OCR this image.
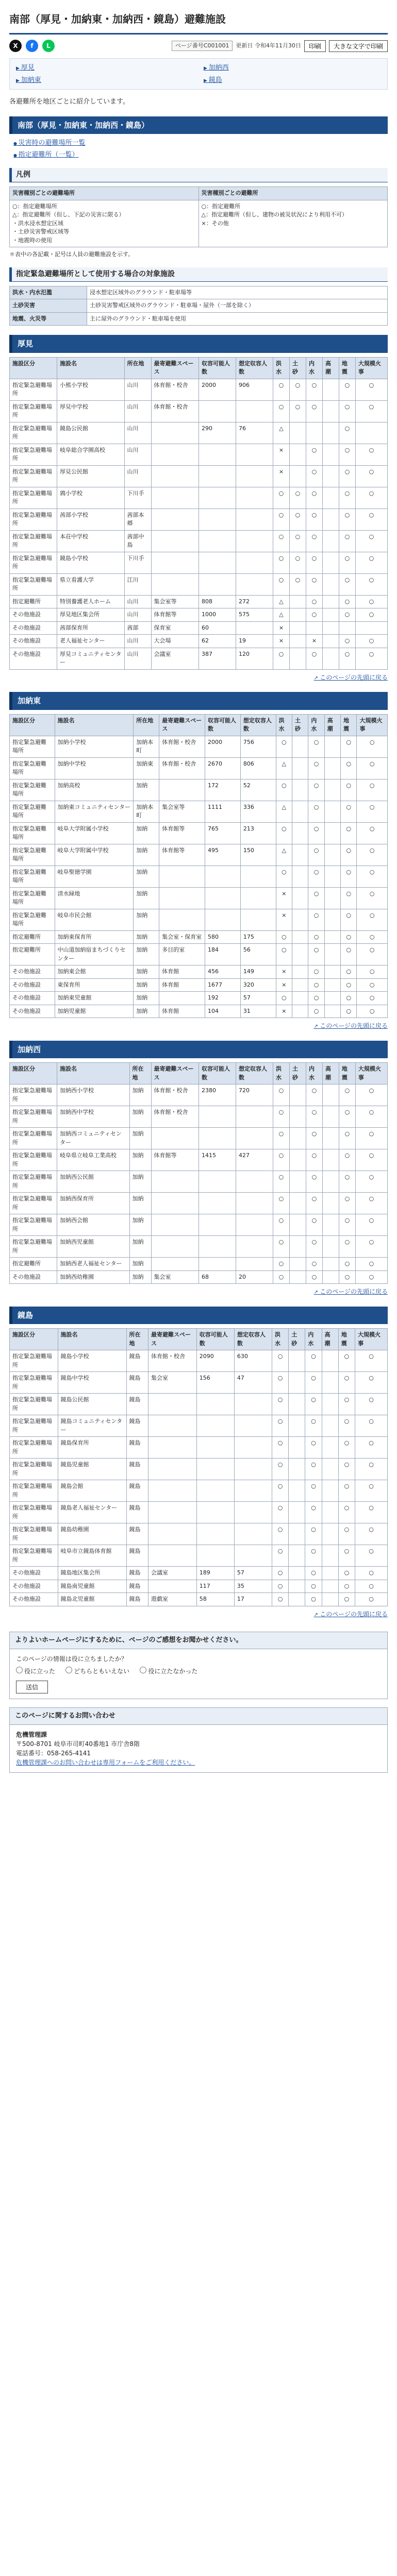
南部（厚見・加納東・加納西・鏡島）避難施設
X	f	L	ページ番号C001001	更新日 令和4年11月30日	印刷	大きな文字で印刷
▶ 厚見	▶ 加納西
▶ 加納東	▶ 鏡島

各避難所を地区ごとに紹介しています。

南部（厚見・加納東・加納西・鏡島）
● 災害時の避難場所一覧
● 指定避難所（一覧）
凡例
災害種別ごとの避難場所	災害種別ごとの避難所
○：指定避難場所
△：指定避難所（但し、下記の災害に限る）
・洪水浸水想定区域
・土砂災害警戒区域等
・地震時の使用	○：指定避難所
△：指定避難所（但し、建物の被災状況により利用不可）
×：その他

＊表中の各記載・記号は人員の避難施設を示す。

指定緊急避難場所として使用する場合の対象施設
洪水・内水氾濫	浸水想定区域外のグラウンド・駐車場等
土砂災害	土砂災害警戒区域外のグラウンド・駐車場・屋外（一部を除く）
地震、火災等	主に屋外のグラウンド・駐車場を使用
厚見
施設区分	施設名	所在地	最寄避難スペース	収容可能人数	想定収容人数	洪水	土砂	内水	高潮	地震	大規模火事
指定緊急避難場所	小熊小学校	山川	体育館・校舎	2000	906	○	○	○		○	○
指定緊急避難場所	厚見中学校	山川	体育館・校舎			○	○	○		○	○
指定緊急避難場所	鏡島公民館	山川		290	76	△				○	
指定緊急避難場所	岐阜総合学園高校	山川				×		○		○	○
指定緊急避難場所	厚見公民館	山川				×		○		○	○
指定緊急避難場所	鶉小学校	下川手				○	○	○		○	○
指定緊急避難場所	茜部小学校	茜部本郷				○	○	○		○	○
指定緊急避難場所	本荘中学校	茜部中島				○	○	○		○	○
指定緊急避難場所	鏡島小学校	下川手				○	○	○		○	○
指定緊急避難場所	県立看護大学	江川				○	○	○		○	○
指定避難所	特別養護老人ホーム	山川	集会室等	808	272	△		○		○	○
その他施設	厚見地区集会所	山川	体育館等	1000	575	△		○		○	○
その他施設	茜部保育所	茜部	保育室	60		×					
その他施設	老人福祉センター	山川	大会場	62	19	×		×		○	○
その他施設	厚見コミュニティセンター	山川	会議室	387	120	○		○		○	○
↗ このページの先頭に戻る
加納東
施設区分	施設名	所在地	最寄避難スペース	収容可能人数	想定収容人数	洪水	土砂	内水	高潮	地震	大規模火事
指定緊急避難場所	加納小学校	加納本町	体育館・校舎	2000	756	○		○		○	○
指定緊急避難場所	加納中学校	加納東	体育館・校舎	2670	806	△		○		○	○
指定緊急避難場所	加納高校	加納		172	52	○		○		○	○
指定緊急避難場所	加納東コミュニティセンター	加納本町	集会室等	1111	336	△		○		○	○
指定緊急避難場所	岐阜大学附属小学校	加納	体育館等	765	213	○		○		○	○
指定緊急避難場所	岐阜大学附属中学校	加納	体育館等	495	150	△		○		○	○
指定緊急避難場所	岐阜聖徳学園	加納				○		○		○	○
指定緊急避難場所	清水緑地	加納				×		○		○	○
指定緊急避難場所	岐阜市民会館	加納				×		○		○	○
指定避難所	加納東保育所	加納	集会室・保育室	580	175	○		○		○	○
指定避難所	中山道加納宿まちづくりセンター	加納	多目的室	184	56	○		○		○	○
その他施設	加納東会館	加納	体育館	456	149	×		○		○	○
その他施設	東保育所	加納	体育館	1677	320	×		○		○	○
その他施設	加納東児童館	加納		192	57	○		○		○	○
その他施設	加納児童館	加納	体育館	104	31	×		○		○	○
↗ このページの先頭に戻る
加納西
施設区分	施設名	所在地	最寄避難スペース	収容可能人数	想定収容人数	洪水	土砂	内水	高潮	地震	大規模火事
指定緊急避難場所	加納西小学校	加納	体育館・校舎	2380	720	○		○		○	○
指定緊急避難場所	加納西中学校	加納	体育館・校舎			○		○		○	○
指定緊急避難場所	加納西コミュニティセンター	加納				○		○		○	○
指定緊急避難場所	岐阜県立岐阜工業高校	加納	体育館等	1415	427	○		○		○	○
指定緊急避難場所	加納西公民館	加納				○		○		○	○
指定緊急避難場所	加納西保育所	加納				○		○		○	○
指定緊急避難場所	加納西会館	加納				○		○		○	○
指定緊急避難場所	加納西児童館	加納				○		○		○	○
指定避難所	加納西老人福祉センター	加納				○		○		○	○
その他施設	加納西幼稚園	加納	集会室	68	20	○		○		○	○
↗ このページの先頭に戻る
鏡島
施設区分	施設名	所在地	最寄避難スペース	収容可能人数	想定収容人数	洪水	土砂	内水	高潮	地震	大規模火事
指定緊急避難場所	鏡島小学校	鏡島	体育館・校舎	2090	630	○		○		○	○
指定緊急避難場所	鏡島中学校	鏡島	集会室	156	47	○		○		○	○
指定緊急避難場所	鏡島公民館	鏡島				○		○		○	○
指定緊急避難場所	鏡島コミュニティセンター	鏡島				○		○		○	○
指定緊急避難場所	鏡島保育所	鏡島				○		○		○	○
指定緊急避難場所	鏡島児童館	鏡島				○		○		○	○
指定緊急避難場所	鏡島会館	鏡島				○		○		○	○
指定緊急避難場所	鏡島老人福祉センター	鏡島				○		○		○	○
指定緊急避難場所	鏡島幼稚園	鏡島				○		○		○	○
指定緊急避難場所	岐阜市立鏡島体育館	鏡島				○		○		○	○
その他施設	鏡島地区集会所	鏡島	会議室	189	57	○		○		○	○
その他施設	鏡島南児童館	鏡島		117	35	○		○		○	○
その他施設	鏡島北児童館	鏡島	遊戯室	58	17	○		○		○	○
↗ このページの先頭に戻る
よりよいホームページにするために、ページのご感想をお聞かせください。

このページの情報は役に立ちましたか？

役に立った	どちらともいえない	役に立たなかった
送信
このページに関するお問い合わせ

危機管理課

〒500-8701 岐阜市司町40番地1 市庁舎8階

電話番号：058-265-4141

危機管理課へのお問い合わせは専用フォームをご利用ください。
